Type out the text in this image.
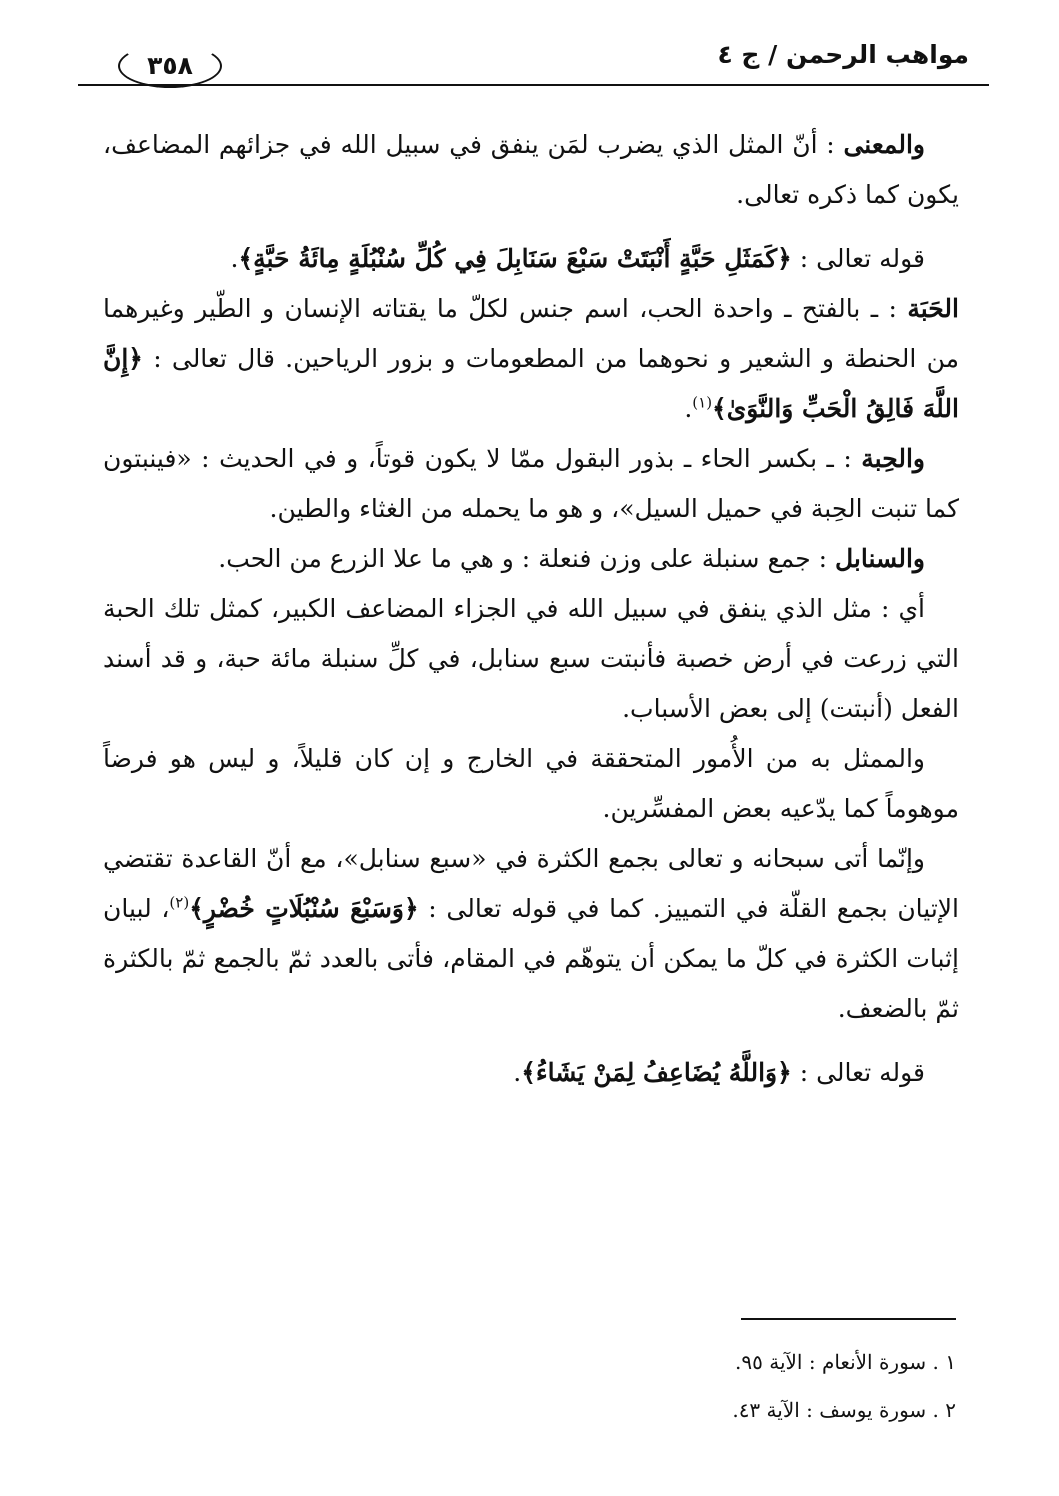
مواهب الرحمن / ج ٤
٣٥٨

والمعنى : أنّ المثل الذي يضرب لمَن ينفق في سبيل الله في جزائهم المضاعف، يكون كما ذكره تعالى.

قوله تعالى : ﴿كَمَثَلِ حَبَّةٍ أَنْبَتَتْ سَبْعَ سَنَابِلَ فِي كُلِّ سُنْبُلَةٍ مِائَةُ حَبَّةٍ﴾.

الحَبَة : ـ بالفتح ـ واحدة الحب، اسم جنس لكلّ ما يقتاته الإنسان و الطّير وغيرهما من الحنطة و الشعير و نحوهما من المطعومات و بزور الرياحين. قال تعالى : ﴿إِنَّ اللَّهَ فَالِقُ الْحَبِّ وَالنَّوَىٰ﴾$^{(١)}$.

والحِبة : ـ بكسر الحاء ـ بذور البقول ممّا لا يكون قوتاً، و في الحديث : «فينبتون كما تنبت الحِبة في حميل السيل»، و هو ما يحمله من الغثاء والطين.

والسنابل : جمع سنبلة على وزن فنعلة : و هي ما علا الزرع من الحب.

أي : مثل الذي ينفق في سبيل الله في الجزاء المضاعف الكبير، كمثل تلك الحبة التي زرعت في أرض خصبة فأنبتت سبع سنابل، في كلِّ سنبلة مائة حبة، و قد أسند الفعل (أنبتت) إلى بعض الأسباب.

والممثل به من الأُمور المتحققة في الخارج و إن كان قليلاً، و ليس هو فرضاً موهوماً كما يدّعيه بعض المفسِّرين.

وإنّما أتى سبحانه و تعالى بجمع الكثرة في «سبع سنابل»، مع أنّ القاعدة تقتضي الإتيان بجمع القلّة في التمييز. كما في قوله تعالى : ﴿وَسَبْعَ سُنْبُلَاتٍ خُضْرٍ﴾$^{(٢)}$، لبيان إثبات الكثرة في كلّ ما يمكن أن يتوهّم في المقام، فأتى بالعدد ثمّ بالجمع ثمّ بالكثرة ثمّ بالضعف.

قوله تعالى : ﴿وَاللَّهُ يُضَاعِفُ لِمَنْ يَشَاءُ﴾.

١ . سورة الأنعام : الآية ٩٥.

٢ . سورة يوسف : الآية ٤٣.
